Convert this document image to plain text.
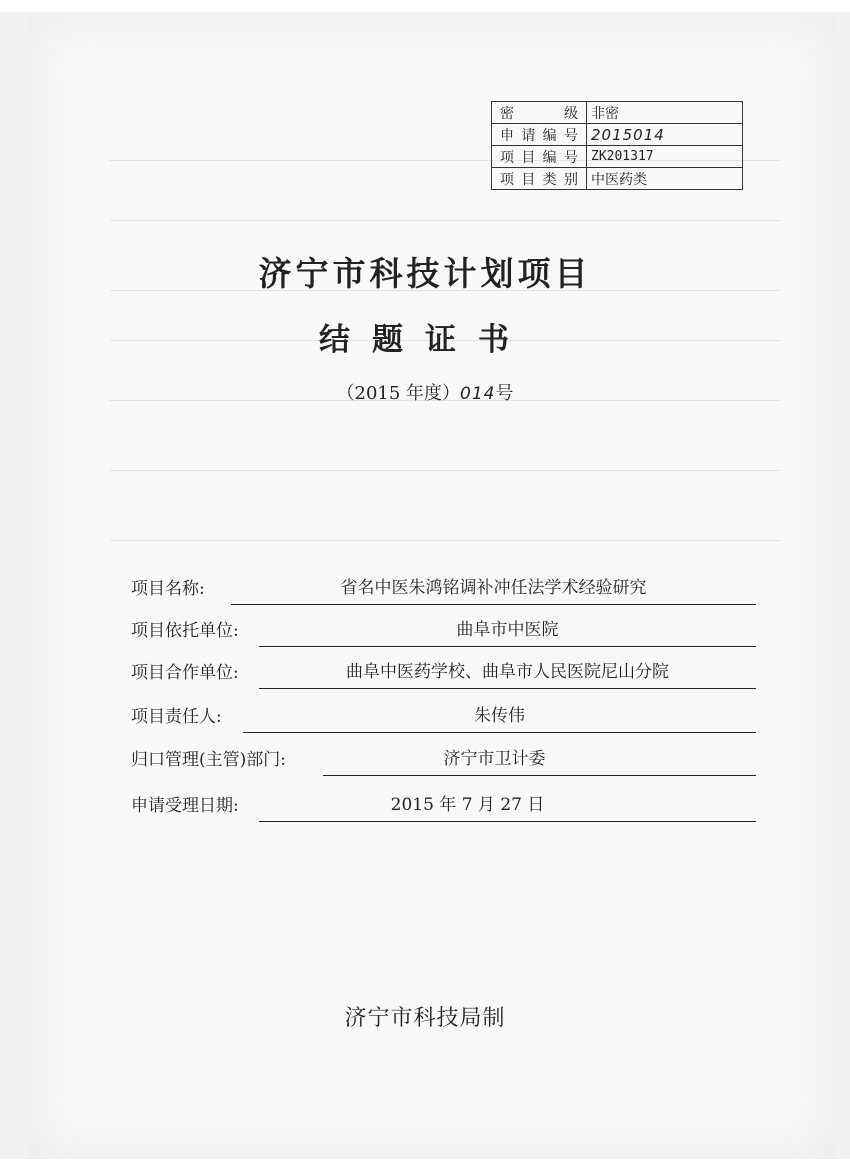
密级	非密
申请编号	2015014
项目编号	ZK201317
项目类别	中医药类
济宁市科技计划项目
结题证书
（2015 年度）014号
项目名称:	省名中医朱鸿铭调补冲任法学术经验研究
项目依托单位:	曲阜市中医院
项目合作单位:	曲阜中医药学校、曲阜市人民医院尼山分院
项目责任人:	朱传伟
归口管理(主管)部门:	济宁市卫计委
申请受理日期:	2015 年 7 月 27 日
济宁市科技局制
